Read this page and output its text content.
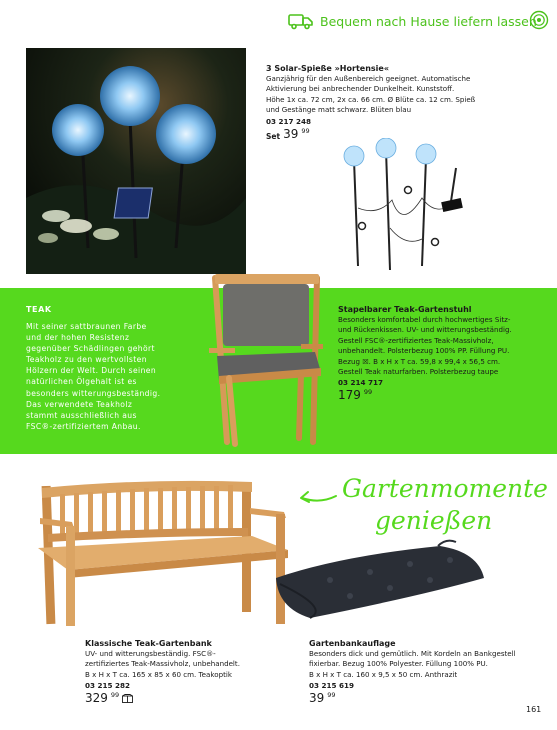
Bequem nach Hause liefern lassen
3 Solar-Spieße »Hortensie«
Ganzjährig für den Außenbereich geeignet. Automatische
Aktivierung bei anbrechender Dunkelheit. Kunststoff.
Höhe 1x ca. 72 cm, 2x ca. 66 cm. Ø Blüte ca. 12 cm. Spieß
und Gestänge matt schwarz. Blüten blau
03 217 248
Set 39 $^{99}$
TEAK
Mit seiner sattbraunen Farbe
und der hohen Resistenz
gegenüber Schädlingen gehört
Teakholz zu den wertvollsten
Hölzern der Welt. Durch seinen
natürlichen Ölgehalt ist es
besonders witterungsbeständig.
Das verwendete Teakholz
stammt ausschließlich aus
FSC®-zertifiziertem Anbau.
Stapelbarer Teak-Gartenstuhl
Besonders komfortabel durch hochwertiges Sitz-
und Rückenkissen. UV- und witterungsbeständig.
Gestell FSC®-zertifiziertes Teak-Massivholz,
unbehandelt. Polsterbezug 100% PP. Füllung PU.
Bezug ☒. B x H x T ca. 59,8 x 99,4 x 56,5 cm.
Gestell Teak naturfarben. Polsterbezug taupe
03 214 717
179 $^{99}$
Gartenmomente
genießen
Klassische Teak-Gartenbank
UV- und witterungsbeständig. FSC®-
zertifiziertes Teak-Massivholz, unbehandelt.
B x H x T ca. 165 x 85 x 60 cm. Teakoptik
03 215 282
329 $^{99}$
Gartenbankauflage
Besonders dick und gemütlich. Mit Kordeln an Bankgestell
fixierbar. Bezug 100% Polyester. Füllung 100% PU.
B x H x T ca. 160 x 9,5 x 50 cm. Anthrazit
03 215 619
39 $^{99}$
161
